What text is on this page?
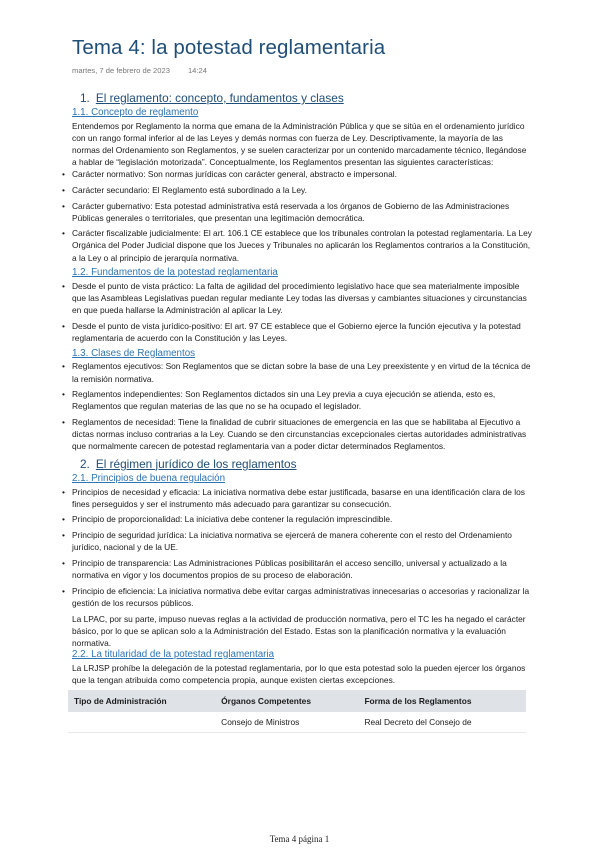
Tema 4: la potestad reglamentaria
martes, 7 de febrero de 2023 14:24
1. El reglamento: concepto, fundamentos y clases
1.1. Concepto de reglamento

Entendemos por Reglamento la norma que emana de la Administración Pública y que se sitúa en el ordenamiento jurídico con un rango formal inferior al de las Leyes y demás normas con fuerza de Ley. Descriptivamente, la mayoría de las normas del Ordenamiento son Reglamentos, y se suelen caracterizar por un contenido marcadamente técnico, llegándose a hablar de “legislación motorizada”. Conceptualmente, los Reglamentos presentan las siguientes características:

• Carácter normativo: Son normas jurídicas con carácter general, abstracto e impersonal.
• Carácter secundario: El Reglamento está subordinado a la Ley.
• Carácter gubernativo: Esta potestad administrativa está reservada a los órganos de Gobierno de las Administraciones Públicas generales o territoriales, que presentan una legitimación democrática.
• Carácter fiscalizable judicialmente: El art. 106.1 CE establece que los tribunales controlan la potestad reglamentaria. La Ley Orgánica del Poder Judicial dispone que los Jueces y Tribunales no aplicarán los Reglamentos contrarios a la Constitución, a la Ley o al principio de jerarquía normativa.
1.2. Fundamentos de la potestad reglamentaria
• Desde el punto de vista práctico: La falta de agilidad del procedimiento legislativo hace que sea materialmente imposible que las Asambleas Legislativas puedan regular mediante Ley todas las diversas y cambiantes situaciones y circunstancias en que pueda hallarse la Administración al aplicar la Ley.
• Desde el punto de vista jurídico-positivo: El art. 97 CE establece que el Gobierno ejerce la función ejecutiva y la potestad reglamentaria de acuerdo con la Constitución y las Leyes.
1.3. Clases de Reglamentos
• Reglamentos ejecutivos: Son Reglamentos que se dictan sobre la base de una Ley preexistente y en virtud de la técnica de la remisión normativa.
• Reglamentos independientes: Son Reglamentos dictados sin una Ley previa a cuya ejecución se atienda, esto es, Reglamentos que regulan materias de las que no se ha ocupado el legislador.
• Reglamentos de necesidad: Tiene la finalidad de cubrir situaciones de emergencia en las que se habilitaba al Ejecutivo a dictas normas incluso contrarias a la Ley. Cuando se den circunstancias excepcionales ciertas autoridades administrativas que normalmente carecen de potestad reglamentaria van a poder dictar determinados Reglamentos.
2. El régimen jurídico de los reglamentos
2.1. Principios de buena regulación
• Principios de necesidad y eficacia: La iniciativa normativa debe estar justificada, basarse en una identificación clara de los fines perseguidos y ser el instrumento más adecuado para garantizar su consecución.
• Principio de proporcionalidad: La iniciativa debe contener la regulación imprescindible.
• Principio de seguridad jurídica: La iniciativa normativa se ejercerá de manera coherente con el resto del Ordenamiento jurídico, nacional y de la UE.
• Principio de transparencia: Las Administraciones Públicas posibilitarán el acceso sencillo, universal y actualizado a la normativa en vigor y los documentos propios de su proceso de elaboración.
• Principio de eficiencia: La iniciativa normativa debe evitar cargas administrativas innecesarias o accesorias y racionalizar la gestión de los recursos públicos.

La LPAC, por su parte, impuso nuevas reglas a la actividad de producción normativa, pero el TC les ha negado el carácter básico, por lo que se aplican solo a la Administración del Estado. Estas son la planificación normativa y la evaluación normativa.

2.2. La titularidad de la potestad reglamentaria

La LRJSP prohíbe la delegación de la potestad reglamentaria, por lo que esta potestad solo la pueden ejercer los órganos que la tengan atribuida como competencia propia, aunque existen ciertas excepciones.

Tipo de Administración	Órganos Competentes	Forma de los Reglamentos
	Consejo de Ministros	Real Decreto del Consejo de
Tema 4 página 1
